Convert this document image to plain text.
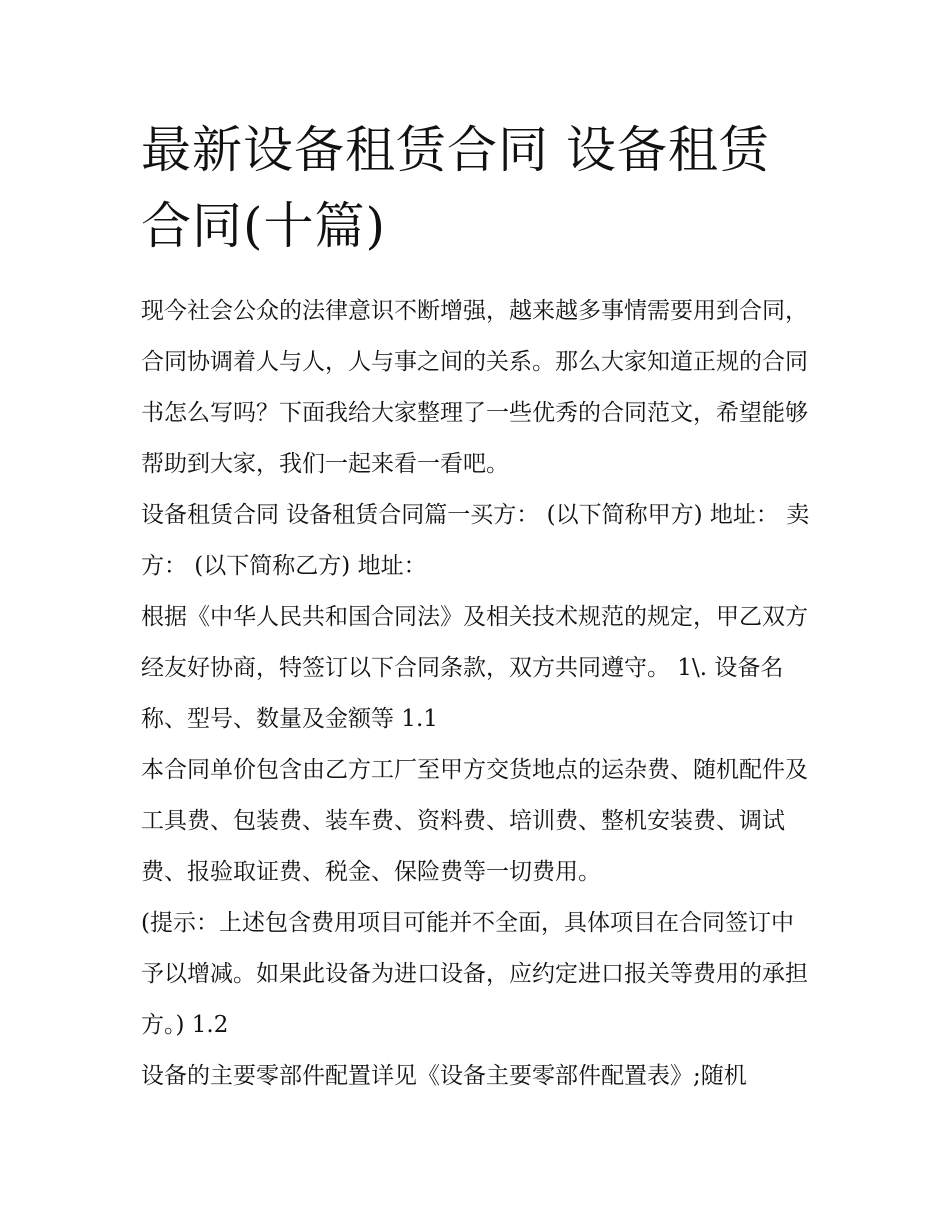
最新设备租赁合同 设备租赁合同(十篇)

现今社会公众的法律意识不断增强，越来越多事情需要用到合同，合同协调着人与人，人与事之间的关系。那么大家知道正规的合同书怎么写吗？下面我给大家整理了一些优秀的合同范文，希望能够帮助到大家，我们一起来看一看吧。

设备租赁合同 设备租赁合同篇一买方： (以下简称甲方) 地址： 卖方： (以下简称乙方) 地址：

根据《中华人民共和国合同法》及相关技术规范的规定，甲乙双方经友好协商，特签订以下合同条款，双方共同遵守。 1\. 设备名称、型号、数量及金额等 1.1

本合同单价包含由乙方工厂至甲方交货地点的运杂费、随机配件及工具费、包装费、装车费、资料费、培训费、整机安装费、调试费、报验取证费、税金、保险费等一切费用。

(提示：上述包含费用项目可能并不全面，具体项目在合同签订中予以增减。如果此设备为进口设备，应约定进口报关等费用的承担方。) 1.2

设备的主要零部件配置详见《设备主要零部件配置表》;随机
